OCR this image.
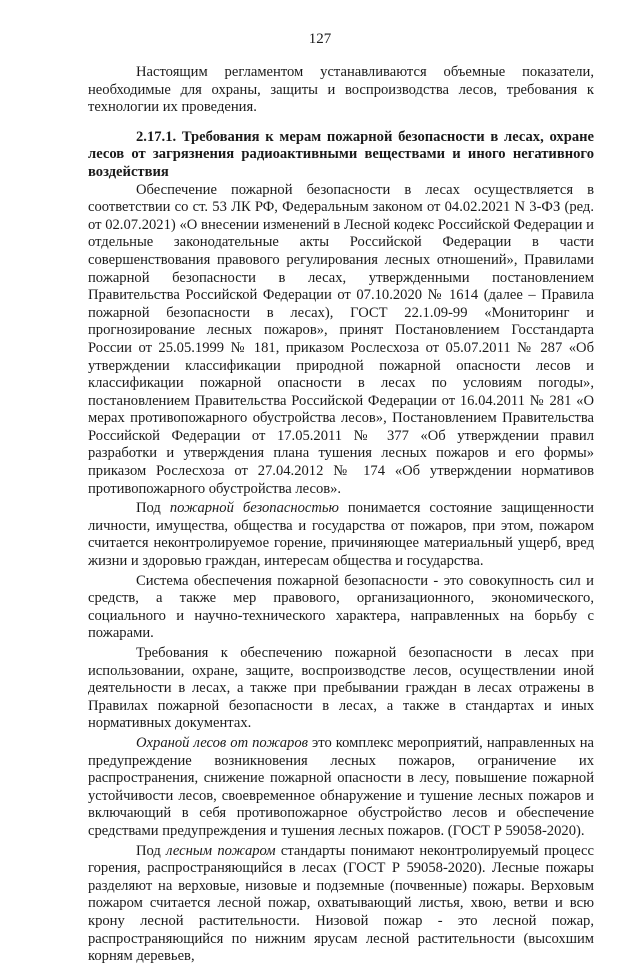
127

Настоящим регламентом устанавливаются объемные показатели, необходимые для охраны, защиты и воспроизводства лесов, требования к технологии их проведения.

2.17.1. Требования к мерам пожарной безопасности в лесах, охране лесов от загрязнения радиоактивными веществами и иного негативного воздействия

Обеспечение пожарной безопасности в лесах осуществляется в соответствии со ст. 53 ЛК РФ, Федеральным законом от 04.02.2021 N 3-ФЗ (ред. от 02.07.2021) «О внесении изменений в Лесной кодекс Российской Федерации и отдельные законодательные акты Российской Федерации в части совершенствования правового регулирования лесных отношений», Правилами пожарной безопасности в лесах, утвержденными постановлением Правительства Российской Федерации от 07.10.2020 № 1614 (далее – Правила пожарной безопасности в лесах), ГОСТ 22.1.09-99 «Мониторинг и прогнозирование лесных пожаров», принят Постановлением Госстандарта России от 25.05.1999 № 181, приказом Рослесхоза от 05.07.2011 № 287 «Об утверждении классификации природной пожарной опасности лесов и классификации пожарной опасности в лесах по условиям погоды», постановлением Правительства Российской Федерации от 16.04.2011 № 281 «О мерах противопожарного обустройства лесов», Постановлением Правительства Российской Федерации от 17.05.2011 № 377 «Об утверждении правил разработки и утверждения плана тушения лесных пожаров и его формы» приказом Рослесхоза от 27.04.2012 № 174 «Об утверждении нормативов противопожарного обустройства лесов».

Под пожарной безопасностью понимается состояние защищенности личности, имущества, общества и государства от пожаров, при этом, пожаром считается неконтролируемое горение, причиняющее материальный ущерб, вред жизни и здоровью граждан, интересам общества и государства.

Система обеспечения пожарной безопасности - это совокупность сил и средств, а также мер правового, организационного, экономического, социального и научно-технического характера, направленных на борьбу с пожарами.

Требования к обеспечению пожарной безопасности в лесах при использовании, охране, защите, воспроизводстве лесов, осуществлении иной деятельности в лесах, а также при пребывании граждан в лесах отражены в Правилах пожарной безопасности в лесах, а также в стандартах и иных нормативных документах.

Охраной лесов от пожаров это комплекс мероприятий, направленных на предупреждение возникновения лесных пожаров, ограничение их распространения, снижение пожарной опасности в лесу, повышение пожарной устойчивости лесов, своевременное обнаружение и тушение лесных пожаров и включающий в себя противопожарное обустройство лесов и обеспечение средствами предупреждения и тушения лесных пожаров. (ГОСТ Р 59058-2020).

Под лесным пожаром стандарты понимают неконтролируемый процесс горения, распространяющийся в лесах (ГОСТ Р 59058-2020). Лесные пожары разделяют на верховые, низовые и подземные (почвенные) пожары. Верховым пожаром считается лесной пожар, охватывающий листья, хвою, ветви и всю крону лесной растительности. Низовой пожар - это лесной пожар, распространяющийся по нижним ярусам лесной растительности (высохшим корням деревьев,
